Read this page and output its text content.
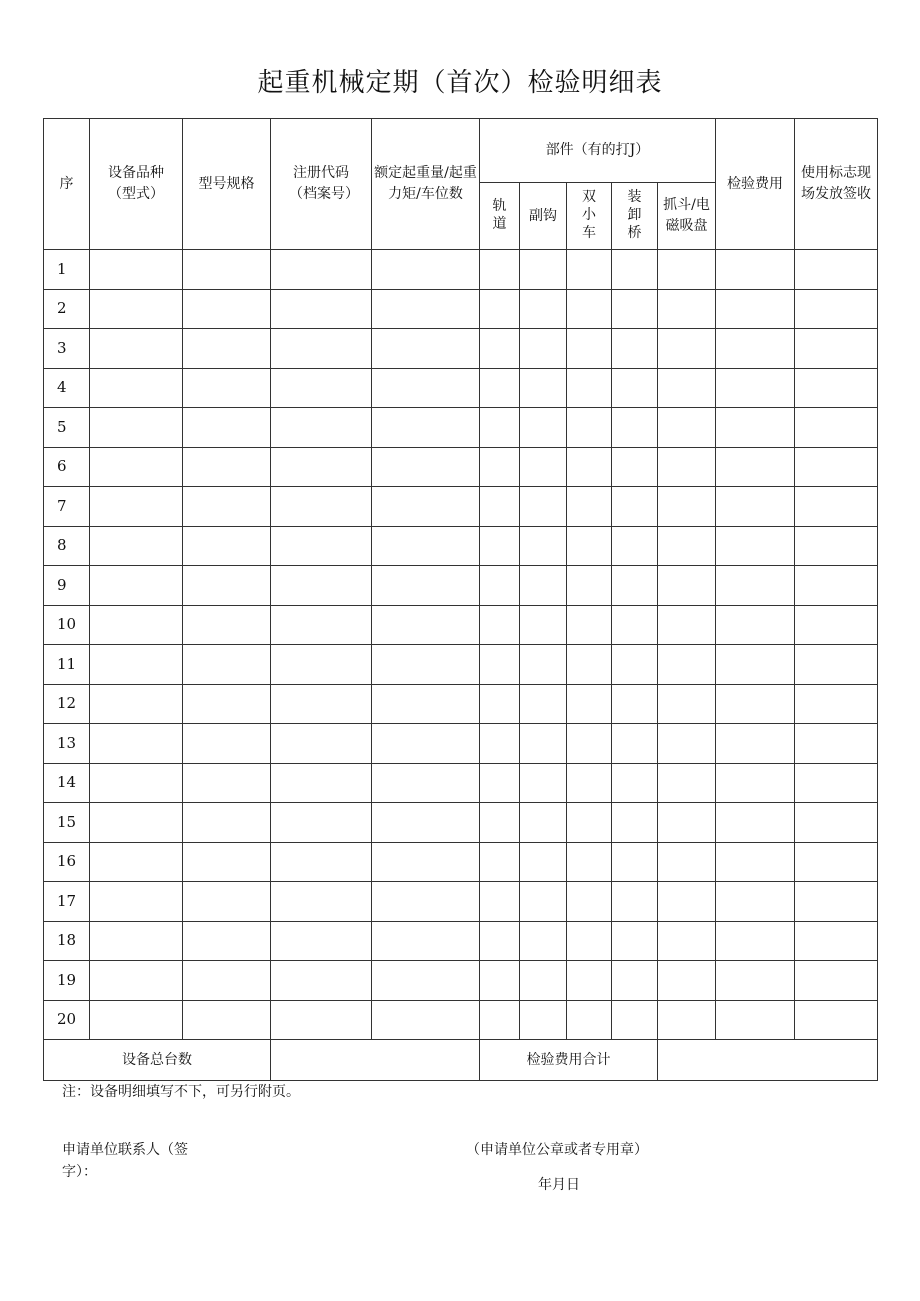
起重机械定期（首次）检验明细表
序	设备品种（型式）	型号规格	注册代码（档案号）	额定起重量/起重力矩/车位数	部件（有的打J）					检验费用	使用标志现场发放签收

					轨道	副钩	双小车	装卸桥	抓斗/电磁吸盘		

1											
2											
3											
4											
5											
6											
7											
8											
9											
10											
11											
12											
13											
14											
15											
16											
17											
18											
19											
20											
设备总台数					检验费用合计						
注：设备明细填写不下，可另行附页。
申请单位联系人（签字）：
（申请单位公章或者专用章）
年月日
